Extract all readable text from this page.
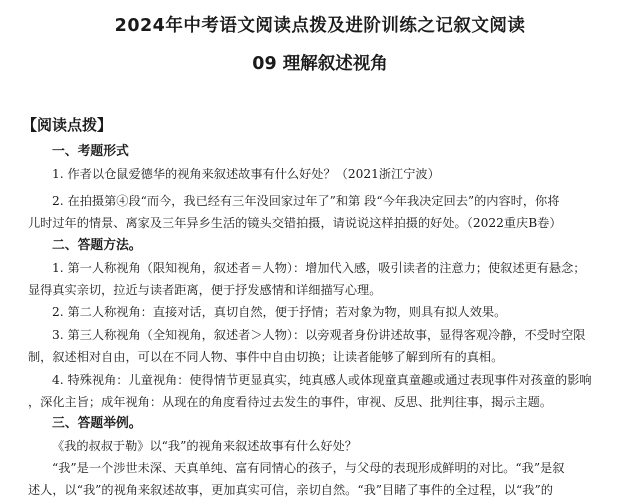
2024年中考语文阅读点拨及进阶训练之记叙文阅读
09 理解叙述视角
【阅读点拨】
一、考题形式
1. 作者以仓鼠爱德华的视角来叙述故事有什么好处？（2021浙江宁波）
2. 在拍摄第④段“而今，我已经有三年没回家过年了”和第 段“今年我决定回去”的内容时，你将
儿时过年的情景、离家及三年异乡生活的镜头交错拍摄，请说说这样拍摄的好处。（2022重庆B卷）
二、答题方法。
1. 第一人称视角（限知视角，叙述者＝人物）：增加代入感，吸引读者的注意力；使叙述更有悬念；
显得真实亲切，拉近与读者距离，便于抒发感情和详细描写心理。
2. 第二人称视角：直接对话，真切自然，便于抒情；若对象为物，则具有拟人效果。
3. 第三人称视角（全知视角，叙述者＞人物）：以旁观者身份讲述故事，显得客观冷静，不受时空限
制，叙述相对自由，可以在不同人物、事件中自由切换；让读者能够了解到所有的真相。
4. 特殊视角：儿童视角：使得情节更显真实，纯真感人或体现童真童趣或通过表现事件对孩童的影响
，深化主旨；成年视角：从现在的角度看待过去发生的事件，审视、反思、批判往事，揭示主题。
三、答题举例。
《我的叔叔于勒》以“我”的视角来叙述故事有什么好处？
“我”是一个涉世未深、天真单纯、富有同情心的孩子，与父母的表现形成鲜明的对比。“我”是叙
述人，以“我”的视角来叙述故事，更加真实可信，亲切自然。“我”目睹了事件的全过程，以“我”的
